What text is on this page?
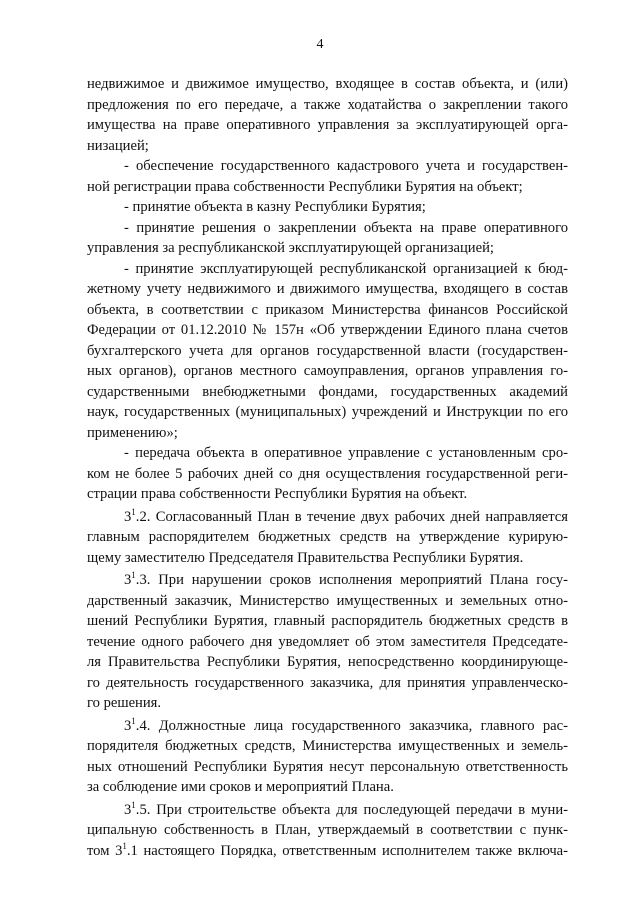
4
недвижимое и движимое имущество, входящее в состав объекта, и (или)
предложения по его передаче, а также ходатайства о закреплении такого
имущества на праве оперативного управления за эксплуатирующей орга-
низацией;
- обеспечение государственного кадастрового учета и государствен-
ной регистрации права собственности Республики Бурятия на объект;
- принятие объекта в казну Республики Бурятия;
- принятие решения о закреплении объекта на праве оперативного
управления за республиканской эксплуатирующей организацией;
- принятие эксплуатирующей республиканской организацией к бюд-
жетному учету недвижимого и движимого имущества, входящего в состав
объекта, в соответствии с приказом Министерства финансов Российской
Федерации от 01.12.2010 № 157н «Об утверждении Единого плана счетов
бухгалтерского учета для органов государственной власти (государствен-
ных органов), органов местного самоуправления, органов управления го-
сударственными внебюджетными фондами, государственных академий
наук, государственных (муниципальных) учреждений и Инструкции по его
применению»;
- передача объекта в оперативное управление с установленным сро-
ком не более 5 рабочих дней со дня осуществления государственной реги-
страции права собственности Республики Бурятия на объект.
$3^1.2$. Согласованный План в течение двух рабочих дней направляется
главным распорядителем бюджетных средств на утверждение курирую-
щему заместителю Председателя Правительства Республики Бурятия.
$3^1.3$. При нарушении сроков исполнения мероприятий Плана госу-
дарственный заказчик, Министерство имущественных и земельных отно-
шений Республики Бурятия, главный распорядитель бюджетных средств в
течение одного рабочего дня уведомляет об этом заместителя Председате-
ля Правительства Республики Бурятия, непосредственно координирующе-
го деятельность государственного заказчика, для принятия управленческо-
го решения.
$3^1.4$. Должностные лица государственного заказчика, главного рас-
порядителя бюджетных средств, Министерства имущественных и земель-
ных отношений Республики Бурятия несут персональную ответственность
за соблюдение ими сроков и мероприятий Плана.
$3^1.5$. При строительстве объекта для последующей передачи в муни-
ципальную собственность в План, утверждаемый в соответствии с пунк-
том $3^1.1$ настоящего Порядка, ответственным исполнителем также включа-
